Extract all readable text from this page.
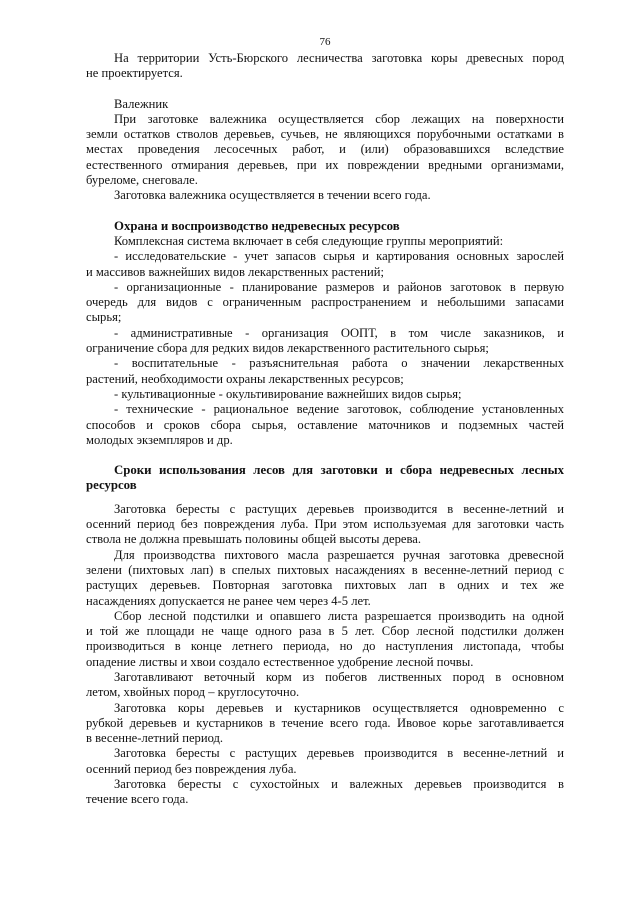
76

На территории Усть-Бюрского лесничества заготовка коры древесных пород
не проектируется.

Валежник

При заготовке валежника осуществляется сбор лежащих на поверхности
земли остатков стволов деревьев, сучьев, не являющихся порубочными остатками в
местах проведения лесосечных работ, и (или) образовавшихся вследствие
естественного отмирания деревьев, при их повреждении вредными организмами,
буреломе, снеговале.

Заготовка валежника осуществляется в течении всего года.

Охрана и воспроизводство недревесных ресурсов

Комплексная система включает в себя следующие группы мероприятий:

- исследовательские - учет запасов сырья и картирования основных зарослей
и массивов важнейших видов лекарственных растений;

- организационные - планирование размеров и районов заготовок в первую
очередь для видов с ограниченным распространением и небольшими запасами
сырья;

- административные - организация ООПТ, в том числе заказников, и
ограничение сбора для редких видов лекарственного растительного сырья;

- воспитательные - разъяснительная работа о значении лекарственных
растений, необходимости охраны лекарственных ресурсов;

- культивационные - окультивирование важнейших видов сырья;

- технические - рациональное ведение заготовок, соблюдение установленных
способов и сроков сбора сырья, оставление маточников и подземных частей
молодых экземпляров и др.

Сроки использования лесов для заготовки и сбора недревесных лесных
ресурсов

Заготовка бересты с растущих деревьев производится в весенне-летний и
осенний период без повреждения луба. При этом используемая для заготовки часть
ствола не должна превышать половины общей высоты дерева.

Для производства пихтового масла разрешается ручная заготовка древесной
зелени (пихтовых лап) в спелых пихтовых насаждениях в весенне-летний период с
растущих деревьев. Повторная заготовка пихтовых лап в одних и тех же
насаждениях допускается не ранее чем через 4-5 лет.

Сбор лесной подстилки и опавшего листа разрешается производить на одной
и той же площади не чаще одного раза в 5 лет. Сбор лесной подстилки должен
производиться в конце летнего периода, но до наступления листопада, чтобы
опадение листвы и хвои создало естественное удобрение лесной почвы.

Заготавливают веточный корм из побегов лиственных пород в основном
летом, хвойных пород – круглосуточно.

Заготовка коры деревьев и кустарников осуществляется одновременно с
рубкой деревьев и кустарников в течение всего года. Ивовое корье заготавливается
в весенне-летний период.

Заготовка бересты с растущих деревьев производится в весенне-летний и
осенний период без повреждения луба.

Заготовка бересты с сухостойных и валежных деревьев производится в
течение всего года.
